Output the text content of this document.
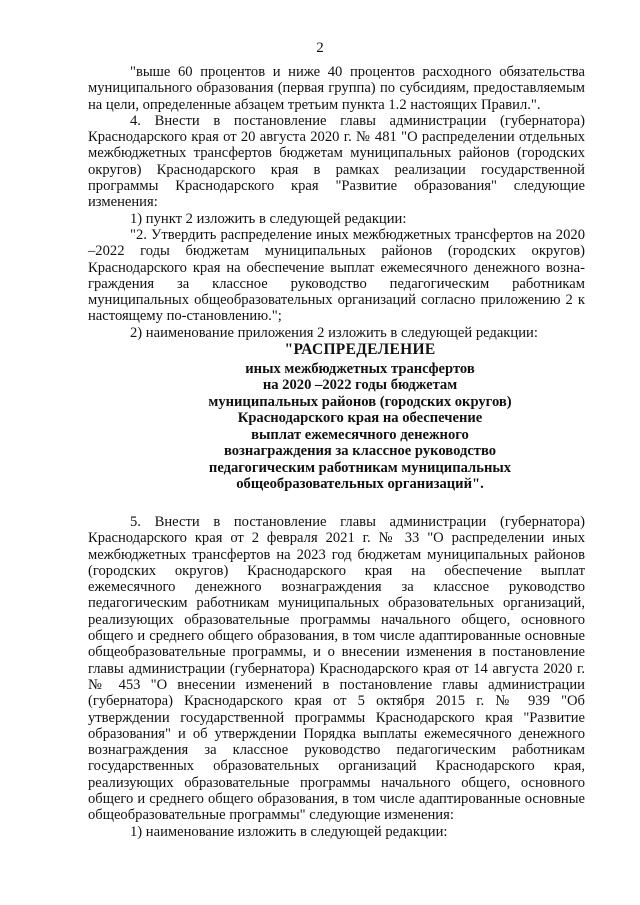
2

"выше 60 процентов и ниже 40 процентов расходного обязательства муниципального образования (первая группа) по субсидиям, предоставляемым на цели, определенные абзацем третьим пункта 1.2 настоящих Правил.".

4. Внести в постановление главы администрации (губернатора) Краснодарского края от 20 августа 2020 г. № 481 "О распределении отдельных межбюджетных трансфертов бюджетам муниципальных районов (городских округов) Краснодарского края в рамках реализации государственной программы Краснодарского края "Развитие образования" следующие изменения:

1) пункт 2 изложить в следующей редакции:

"2. Утвердить распределение иных межбюджетных трансфертов на 2020 –2022 годы бюджетам муниципальных районов (городских округов) Краснодарского края на обеспечение выплат ежемесячного денежного возна-граждения за классное руководство педагогическим работникам муниципальных общеобразовательных организаций согласно приложению 2 к настоящему по-становлению.";

2) наименование приложения 2 изложить в следующей редакции:

"РАСПРЕДЕЛЕНИЕ
иных межбюджетных трансфертов
на 2020 –2022 годы бюджетам
муниципальных районов (городских округов)
Краснодарского края на обеспечение
выплат ежемесячного денежного
вознаграждения за классное руководство
педагогическим работникам муниципальных
общеобразовательных организаций".

5. Внести в постановление главы администрации (губернатора) Краснодарского края от 2 февраля 2021 г. № 33 "О распределении иных межбюджетных трансфертов на 2023 год бюджетам муниципальных районов (городских округов) Краснодарского края на обеспечение выплат ежемесячного денежного вознаграждения за классное руководство педагогическим работникам муниципальных образовательных организаций, реализующих образовательные программы начального общего, основного общего и среднего общего образования, в том числе адаптированные основные общеобразовательные программы, и о внесении изменения в постановление главы администрации (губернатора) Краснодарского края от 14 августа 2020 г. № 453 "О внесении изменений в постановление главы администрации (губернатора) Краснодарского края от 5 октября 2015 г. № 939 "Об утверждении государственной программы Краснодарского края "Развитие образования" и об утверждении Порядка выплаты ежемесячного денежного вознаграждения за классное руководство педагогическим работникам государственных образовательных организаций Краснодарского края, реализующих образовательные программы начального общего, основного общего и среднего общего образования, в том числе адаптированные основные общеобразовательные программы" следующие изменения:

1) наименование изложить в следующей редакции:
